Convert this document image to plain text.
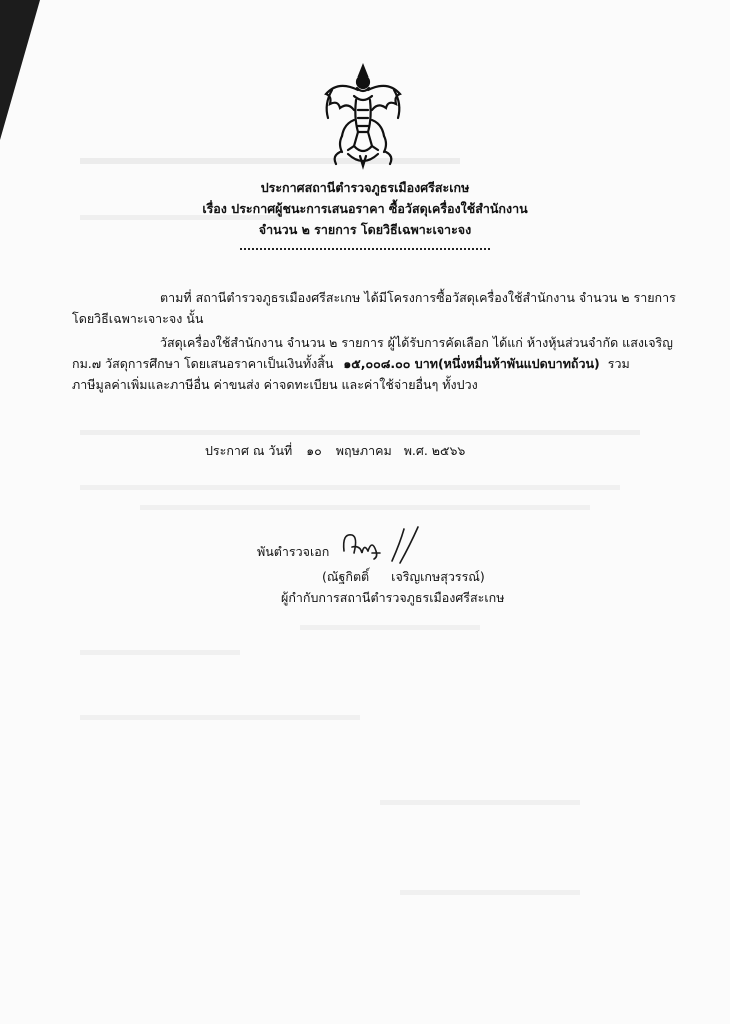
ประกาศสถานีตำรวจภูธรเมืองศรีสะเกษ
เรื่อง ประกาศผู้ชนะการเสนอราคา ซื้อวัสดุเครื่องใช้สำนักงาน
จำนวน ๒ รายการ โดยวิธีเฉพาะเจาะจง
ตามที่ สถานีตำรวจภูธรเมืองศรีสะเกษ ได้มีโครงการซื้อวัสดุเครื่องใช้สำนักงาน จำนวน ๒ รายการ
โดยวิธีเฉพาะเจาะจง นั้น
วัสดุเครื่องใช้สำนักงาน จำนวน ๒ รายการ ผู้ได้รับการคัดเลือก ได้แก่ ห้างหุ้นส่วนจำกัด แสงเจริญ
กม.๗ วัสดุการศึกษา โดยเสนอราคาเป็นเงินทั้งสิ้น ๑๕,๐๐๘.๐๐ บาท(หนึ่งหมื่นห้าพันแปดบาทถ้วน) รวม
ภาษีมูลค่าเพิ่มและภาษีอื่น ค่าขนส่ง ค่าจดทะเบียน และค่าใช้จ่ายอื่นๆ ทั้งปวง
ประกาศ ณ วันที่ ๑๐ พฤษภาคม พ.ศ. ๒๕๖๖
พันตำรวจเอก
(ณัฐกิตติ์ เจริญเกษสุวรรณ์)
ผู้กำกับการสถานีตำรวจภูธรเมืองศรีสะเกษ
